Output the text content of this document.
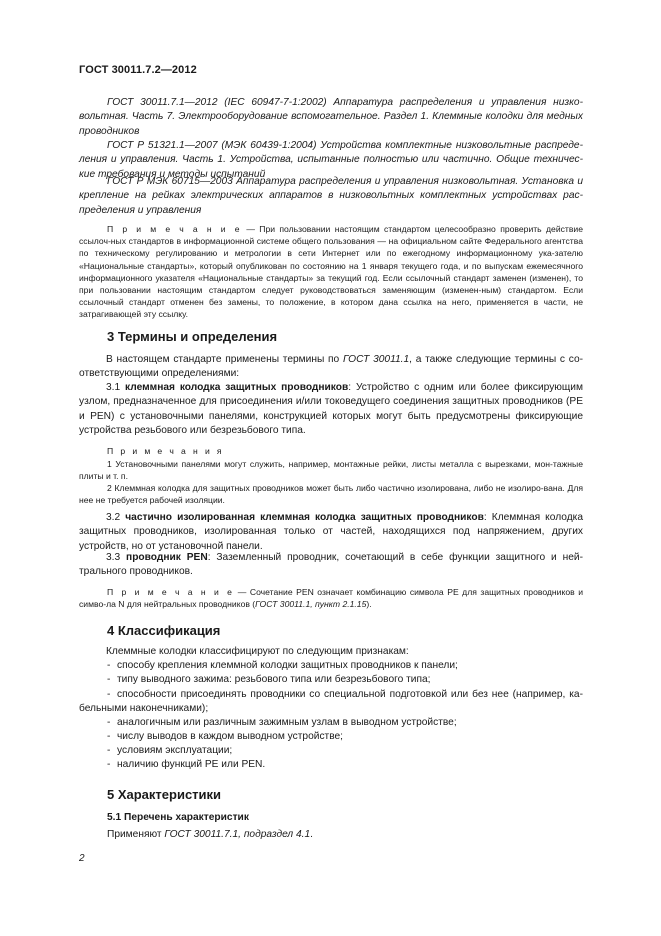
ГОСТ 30011.7.2—2012

ГОСТ 30011.7.1—2012 (IEC 60947-7-1:2002) Аппаратура распределения и управления низко-вольтная. Часть 7. Электрооборудование вспомогательное. Раздел 1. Клеммные колодки для медных проводников

ГОСТ Р 51321.1—2007 (МЭК 60439-1:2004) Устройства комплектные низковольтные распреде-ления и управления. Часть 1. Устройства, испытанные полностью или частично. Общие техничес-кие требования и методы испытаний

ГОСТ Р МЭК 60715—2003 Аппаратура распределения и управления низковольтная. Установка и крепление на рейках электрических аппаратов в низковольтных комплектных устройствах рас-пределения и управления

П р и м е ч а н и е — При пользовании настоящим стандартом целесообразно проверить действие ссылоч-ных стандартов в информационной системе общего пользования — на официальном сайте Федерального агентства по техническому регулированию и метрологии в сети Интернет или по ежегодному информационному ука-зателю «Национальные стандарты», который опубликован по состоянию на 1 января текущего года, и по выпускам ежемесячного информационного указателя «Национальные стандарты» за текущий год. Если ссылочный стандарт заменен (изменен), то при пользовании настоящим стандартом следует руководствоваться заменяющим (изменен-ным) стандартом. Если ссылочный стандарт отменен без замены, то положение, в котором дана ссылка на него, применяется в части, не затрагивающей эту ссылку.

3 Термины и определения

В настоящем стандарте применены термины по ГОСТ 30011.1, а также следующие термины с со-ответствующими определениями:

3.1 клеммная колодка защитных проводников: Устройство с одним или более фиксирующим узлом, предназначенное для присоединения и/или токоведущего соединения защитных проводников (PE и PEN) с установочными панелями, конструкцией которых могут быть предусмотрены фиксирующие устройства резьбового или безрезьбового типа.

П р и м е ч а н и я

1 Установочными панелями могут служить, например, монтажные рейки, листы металла с вырезками, мон-тажные плиты и т. п.

2 Клеммная колодка для защитных проводников может быть либо частично изолирована, либо не изолиро-вана. Для нее не требуется рабочей изоляции.

3.2 частично изолированная клеммная колодка защитных проводников: Клеммная колодка защитных проводников, изолированная только от частей, находящихся под напряжением, других устройств, но от установочной панели.

3.3 проводник PEN: Заземленный проводник, сочетающий в себе функции защитного и ней-трального проводников.

П р и м е ч а н и е — Сочетание PEN означает комбинацию символа PE для защитных проводников и симво-ла N для нейтральных проводников (ГОСТ 30011.1, пункт 2.1.15).

4 Классификация

Клеммные колодки классифицируют по следующим признакам:

- способу крепления клеммной колодки защитных проводников к панели;
- типу выводного зажима: резьбового типа или безрезьбового типа;
- способности присоединять проводники со специальной подготовкой или без нее (например, ка-бельными наконечниками);

- аналогичным или различным зажимным узлам в выводном устройстве;
- числу выводов в каждом выводном устройстве;
- условиям эксплуатации;
- наличию функций PE или PEN.
5 Характеристики
5.1 Перечень характеристик

Применяют ГОСТ 30011.7.1, подраздел 4.1.

2
